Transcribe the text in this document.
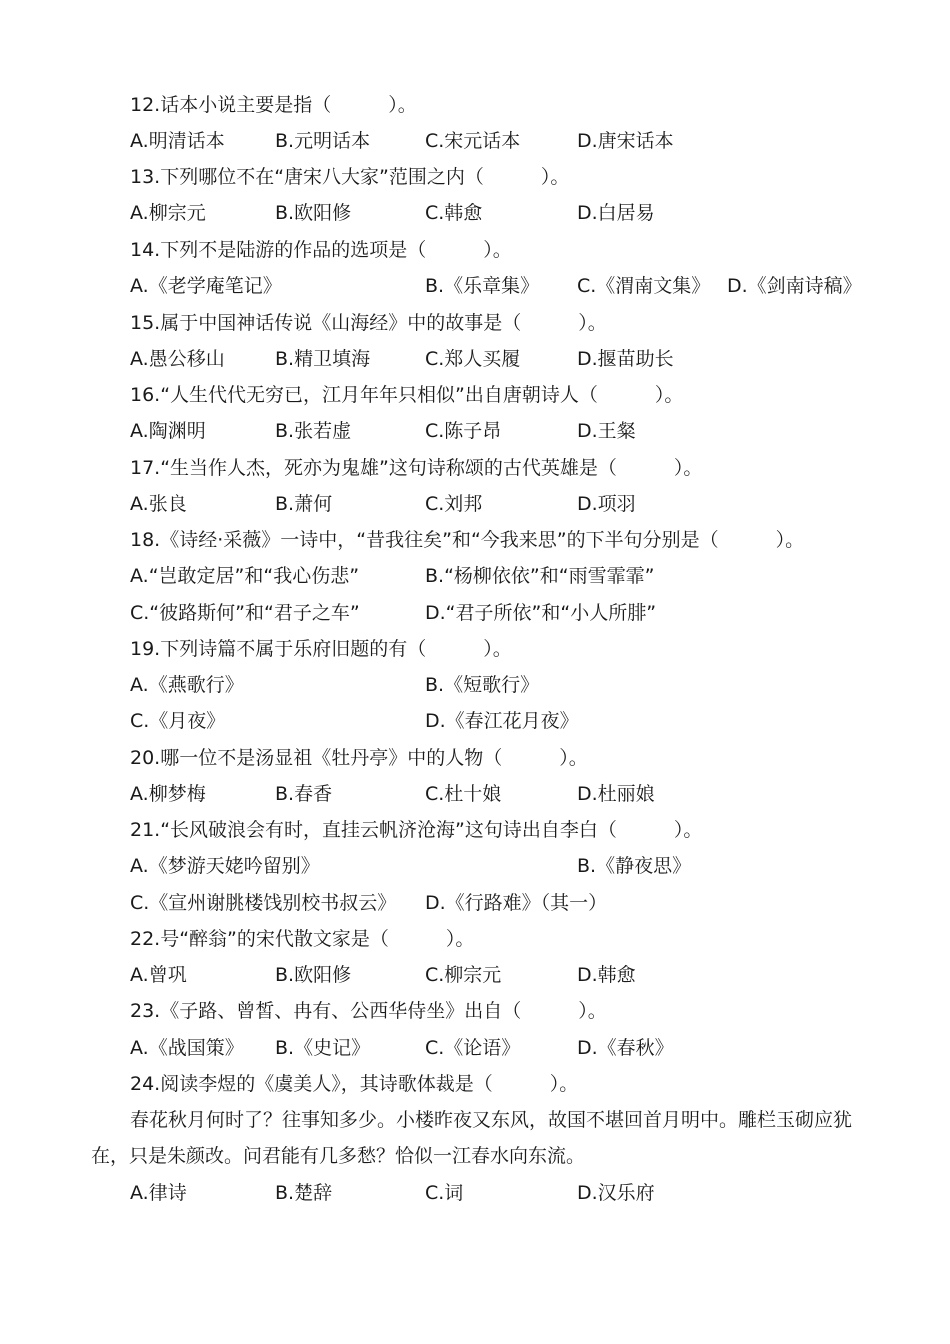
12.话本小说主要是指（　　　）。
A.明清话本	B.元明话本	C.宋元话本	D.唐宋话本
13.下列哪位不在“唐宋八大家”范围之内（　　　）。
A.柳宗元	B.欧阳修	C.韩愈	D.白居易
14.下列不是陆游的作品的选项是（　　　）。
A.《老学庵笔记》	B.《乐章集》 C.《渭南文集》 D.《剑南诗稿》
15.属于中国神话传说《山海经》中的故事是（　　　）。
A.愚公移山	B.精卫填海	C.郑人买履	D.揠苗助长
16.“人生代代无穷已，江月年年只相似”出自唐朝诗人（　　　）。
A.陶渊明	B.张若虚	C.陈子昂	D.王粲
17.“生当作人杰，死亦为鬼雄”这句诗称颂的古代英雄是（　　　）。
A.张良	B.萧何	C.刘邦	D.项羽
18.《诗经·采薇》一诗中，“昔我往矣”和“今我来思”的下半句分别是（　　　）。
A.“岂敢定居”和“我心伤悲”	B.“杨柳依依”和“雨雪霏霏”
C.“彼路斯何”和“君子之车”	D.“君子所依”和“小人所腓”
19.下列诗篇不属于乐府旧题的有（　　　）。
A.《燕歌行》	B.《短歌行》
C.《月夜》	D.《春江花月夜》
20.哪一位不是汤显祖《牡丹亭》中的人物（　　　）。
A.柳梦梅	B.春香	C.杜十娘	D.杜丽娘
21.“长风破浪会有时，直挂云帆济沧海”这句诗出自李白（　　　）。
A.《梦游天姥吟留别》	B.《静夜思》
C.《宣州谢朓楼饯别校书叔云》 D.《行路难》（其一）
22.号“醉翁”的宋代散文家是（　　　）。
A.曾巩	B.欧阳修	C.柳宗元	D.韩愈
23.《子路、曾皙、冉有、公西华侍坐》出自（　　　）。
A.《战国策》 B.《史记》	C.《论语》	D.《春秋》
24.阅读李煜的《虞美人》，其诗歌体裁是（　　　）。
春花秋月何时了？往事知多少。小楼昨夜又东风，故国不堪回首月明中。雕栏玉砌应犹
在，只是朱颜改。问君能有几多愁？恰似一江春水向东流。
A.律诗	B.楚辞	C.词	D.汉乐府
